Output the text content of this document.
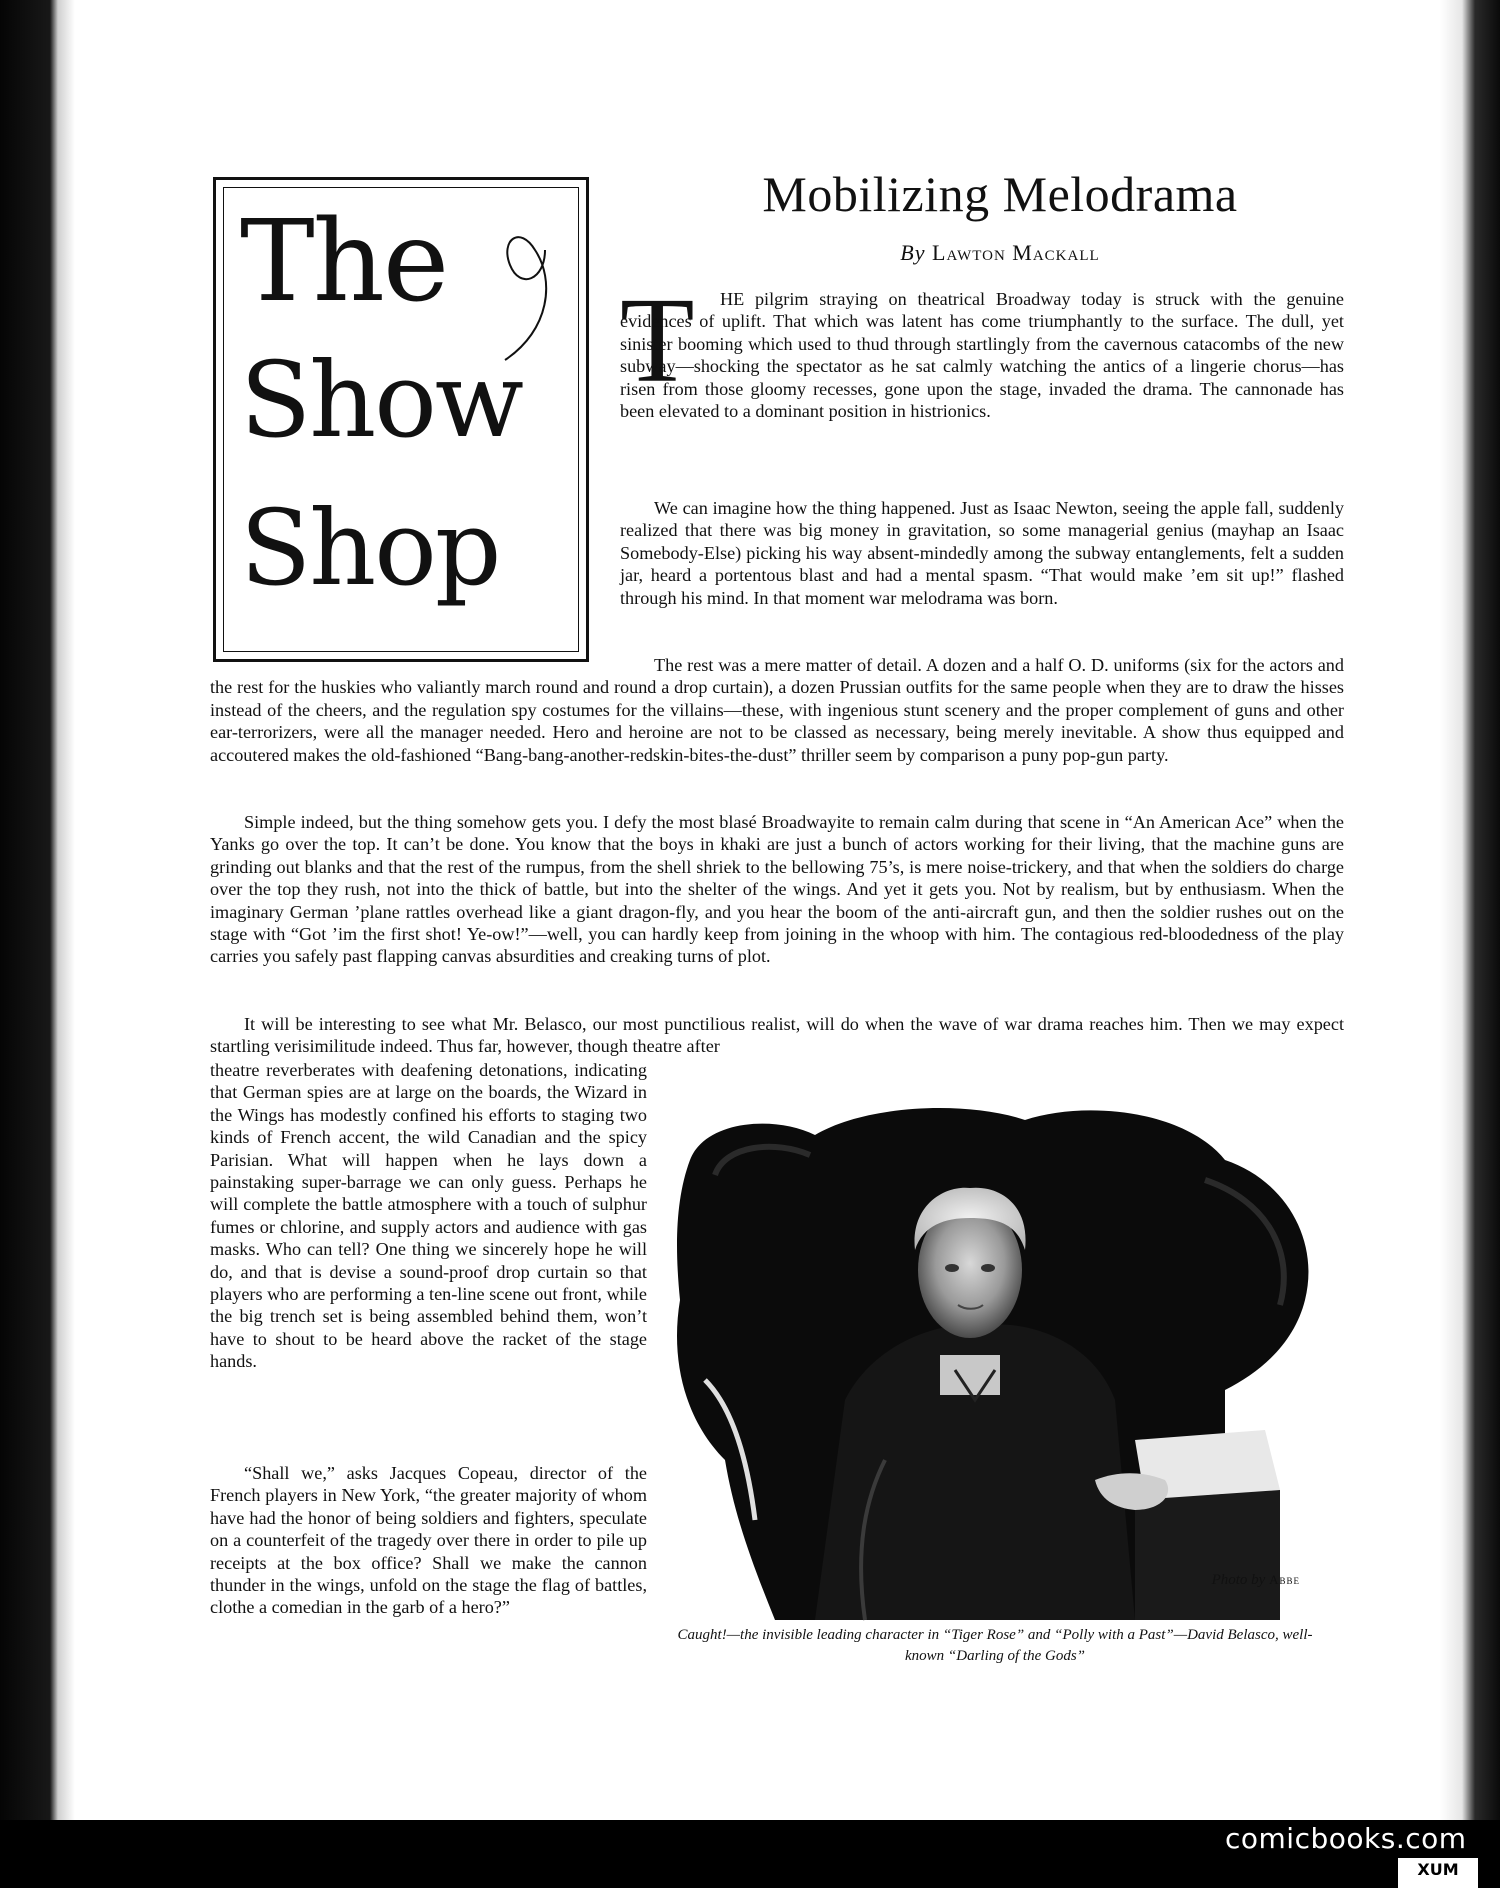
The
Show
Shop
Mobilizing Melodrama
By Lawton Mackall
T	HE pilgrim straying on theatrical Broadway today is struck with the genuine evidences of uplift. That which was latent has come triumphantly to the surface. The dull, yet sinister booming which used to thud through startlingly from the cavernous catacombs of the new subway—shocking the spectator as he sat calmly watching the antics of a lingerie chorus—has risen from those gloomy recesses, gone upon the stage, invaded the drama. The cannonade has been elevated to a dominant position in histrionics.

We can imagine how the thing happened. Just as Isaac Newton, seeing the apple fall, suddenly realized that there was big money in gravitation, so some managerial genius (mayhap an Isaac Somebody-Else) picking his way absent-mindedly among the subway entanglements, felt a sudden jar, heard a portentous blast and had a mental spasm. “That would make ’em sit up!” flashed through his mind. In that moment war melodrama was born.

The rest was a mere matter of detail. A dozen and a half O. D. uniforms (six for the actors and the rest for the huskies who valiantly march round and round a drop curtain), a dozen Prussian outfits for the same people when they are to draw the hisses instead of the cheers, and the regulation spy costumes for the villains—these, with ingenious stunt scenery and the proper complement of guns and other ear-terrorizers, were all the manager needed. Hero and heroine are not to be classed as necessary, being merely inevitable. A show thus equipped and accoutered makes the old-fashioned “Bang-bang-another-redskin-bites-the-dust” thriller seem by comparison a puny pop-gun party.

Simple indeed, but the thing somehow gets you. I defy the most blasé Broadwayite to remain calm during that scene in “An American Ace” when the Yanks go over the top. It can’t be done. You know that the boys in khaki are just a bunch of actors working for their living, that the machine guns are grinding out blanks and that the rest of the rumpus, from the shell shriek to the bellowing 75’s, is mere noise-trickery, and that when the soldiers do charge over the top they rush, not into the thick of battle, but into the shelter of the wings. And yet it gets you. Not by realism, but by enthusiasm. When the imaginary German ’plane rattles overhead like a giant dragon-fly, and you hear the boom of the anti-aircraft gun, and then the soldier rushes out on the stage with “Got ’im the first shot! Ye-ow!”—well, you can hardly keep from joining in the whoop with him. The contagious red-bloodedness of the play carries you safely past flapping canvas absurdities and creaking turns of plot.

It will be interesting to see what Mr. Belasco, our most punctilious realist, will do when the wave of war drama reaches him. Then we may expect startling verisimilitude indeed. Thus far, however, though theatre after

theatre reverberates with deafening detonations, indicating that German spies are at large on the boards, the Wizard in the Wings has modestly confined his efforts to staging two kinds of French accent, the wild Canadian and the spicy Parisian. What will happen when he lays down a painstaking super-barrage we can only guess. Perhaps he will complete the battle atmosphere with a touch of sulphur fumes or chlorine, and supply actors and audience with gas masks. Who can tell? One thing we sincerely hope he will do, and that is devise a sound-proof drop curtain so that players who are performing a ten-line scene out front, while the big trench set is being assembled behind them, won’t have to shout to be heard above the racket of the stage hands.

“Shall we,” asks Jacques Copeau, director of the French players in New York, “the greater majority of whom have had the honor of being soldiers and fighters, speculate on a counterfeit of the tragedy over there in order to pile up receipts at the box office? Shall we make the cannon thunder in the wings, unfold on the stage the flag of battles, clothe a comedian in the garb of a hero?”

Photo by Abbe
Caught!—the invisible leading character in “Tiger Rose” and “Polly with a Past”—David Belasco, well-known “Darling of the Gods”
comicbooks.com
XUM
